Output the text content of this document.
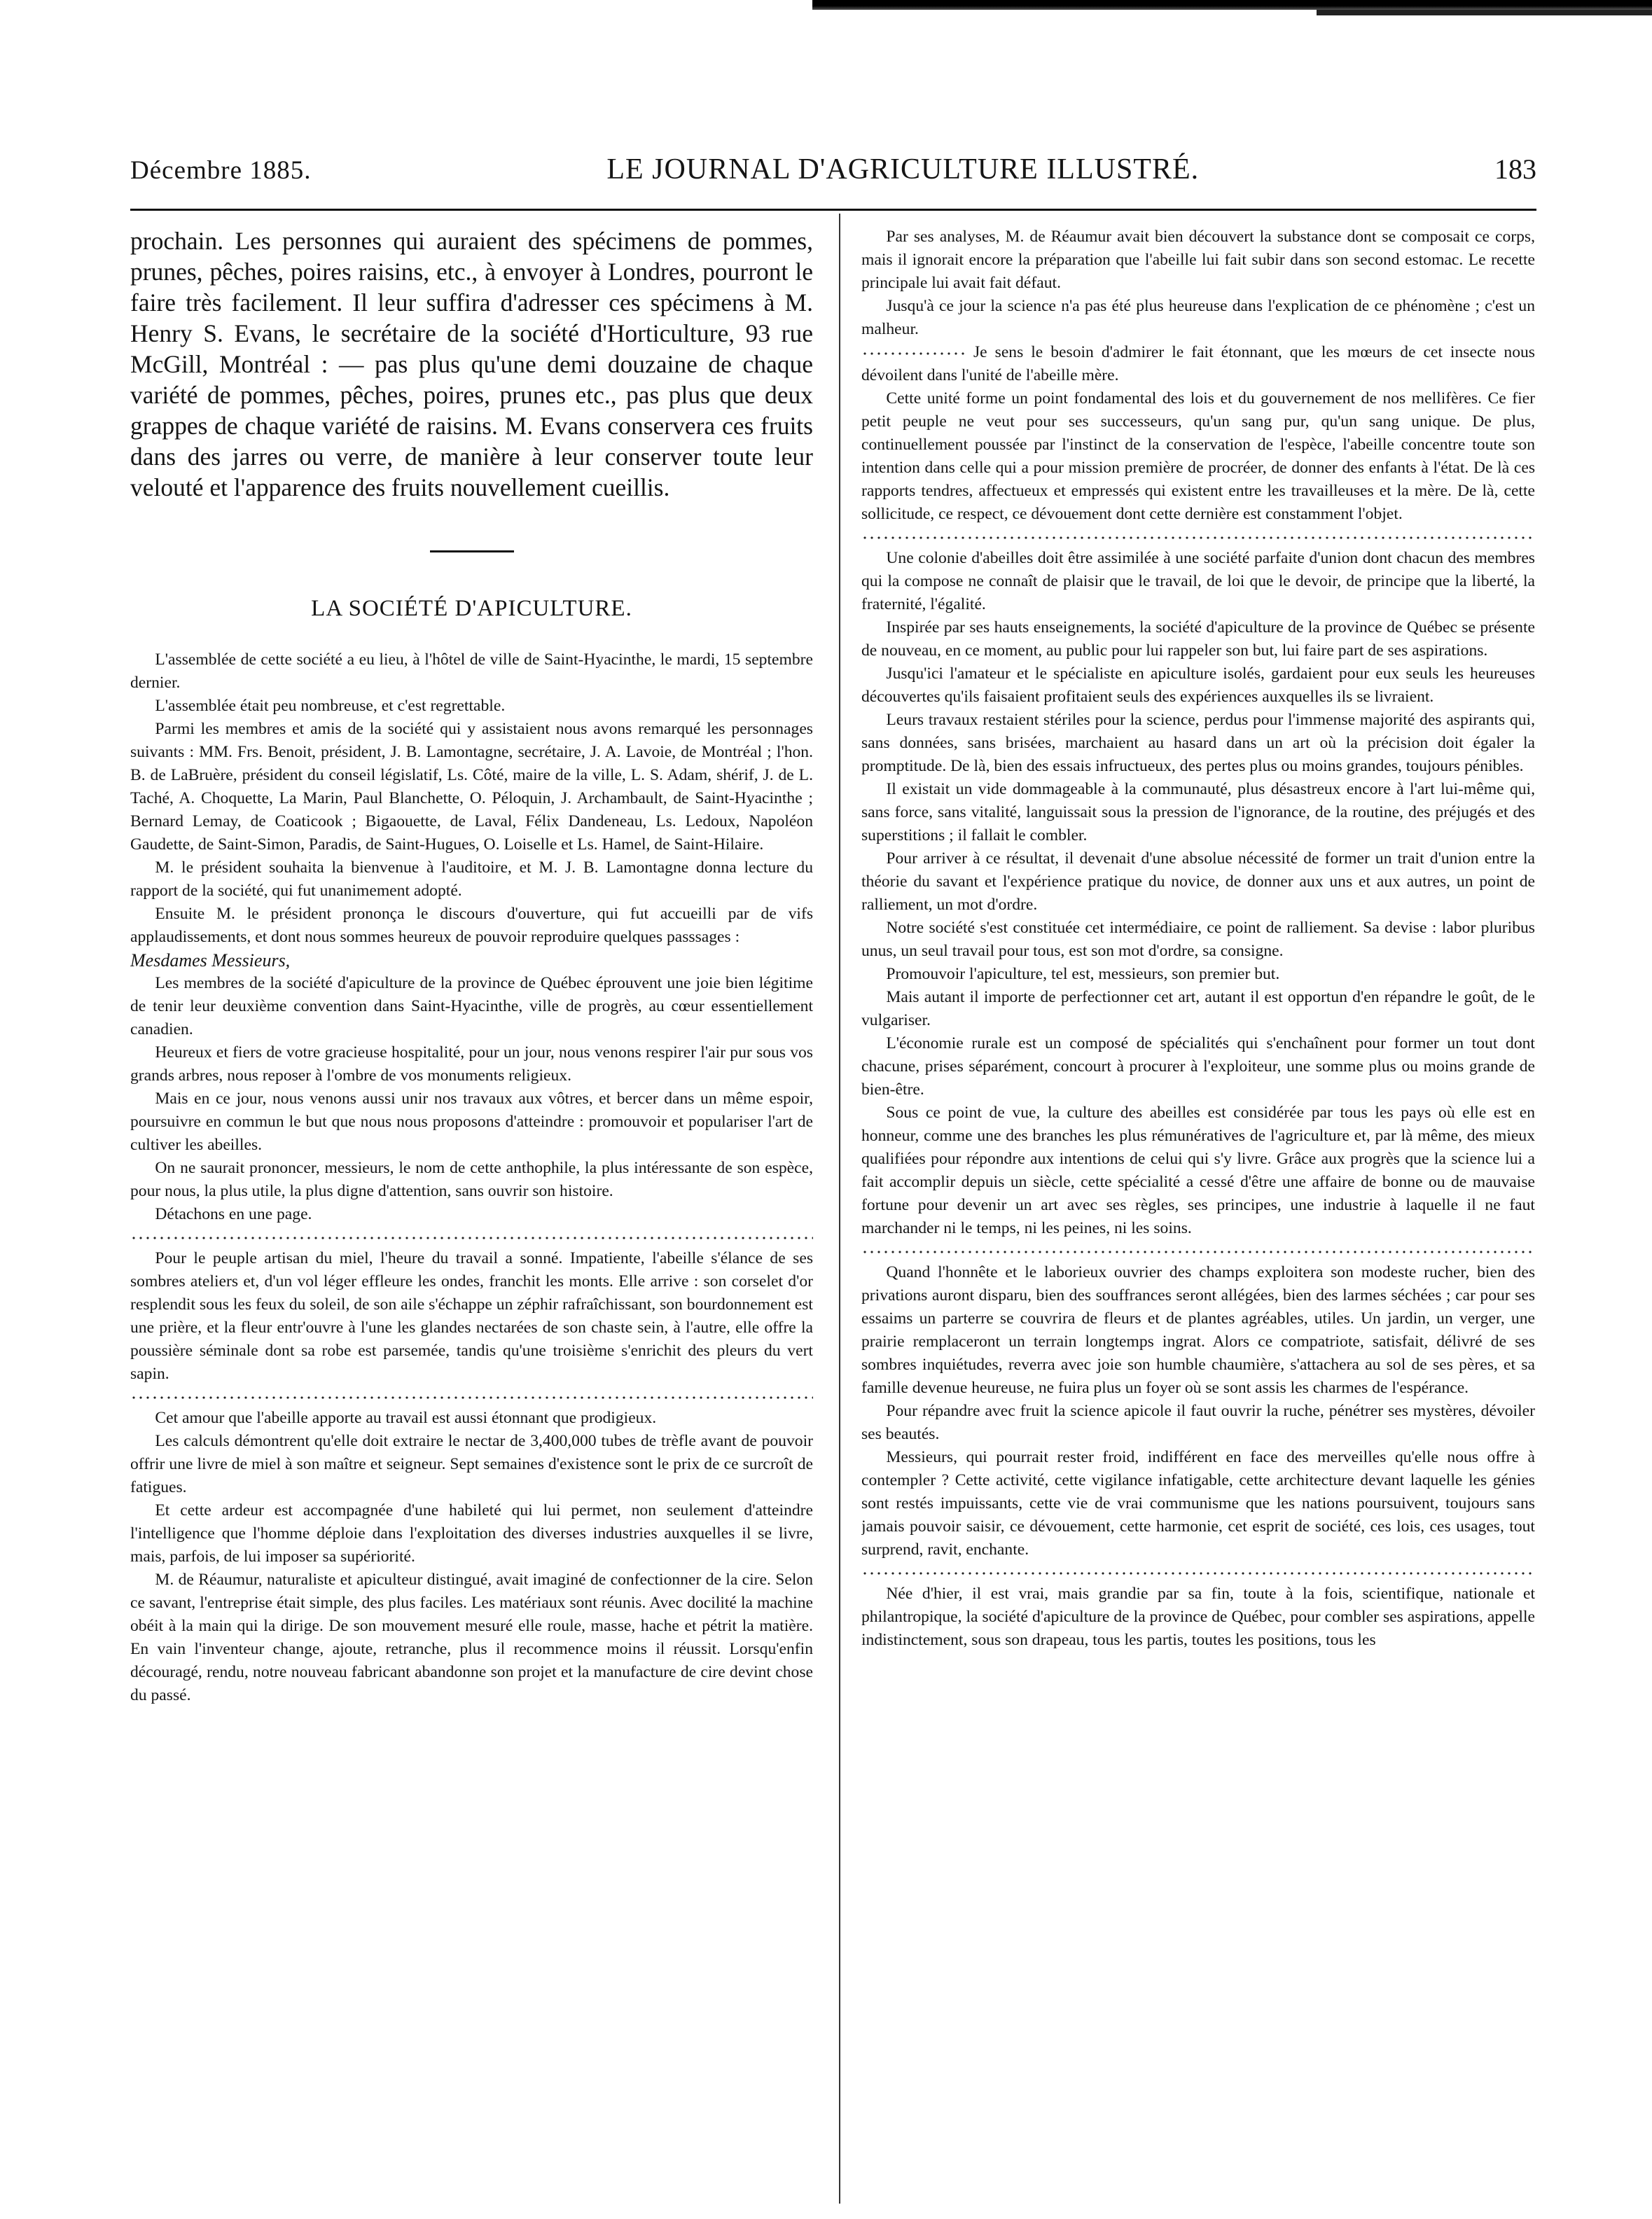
Décembre 1885.	LE JOURNAL D'AGRICULTURE ILLUSTRÉ.	183

prochain. Les personnes qui auraient des spécimens de pommes, prunes, pêches, poires raisins, etc., à envoyer à Londres, pourront le faire très facilement. Il leur suffira d'adresser ces spécimens à M. Henry S. Evans, le secrétaire de la société d'Horticulture, 93 rue McGill, Montréal : — pas plus qu'une demi douzaine de chaque variété de pommes, pêches, poires, prunes etc., pas plus que deux grappes de chaque variété de raisins. M. Evans conservera ces fruits dans des jarres ou verre, de manière à leur conserver toute leur velouté et l'apparence des fruits nouvellement cueillis.

LA SOCIÉTÉ D'APICULTURE.

L'assemblée de cette société a eu lieu, à l'hôtel de ville de Saint-Hyacinthe, le mardi, 15 septembre dernier.

L'assemblée était peu nombreuse, et c'est regrettable.

Parmi les membres et amis de la société qui y assistaient nous avons remarqué les personnages suivants : MM. Frs. Benoit, président, J. B. Lamontagne, secrétaire, J. A. Lavoie, de Montréal ; l'hon. B. de LaBruère, président du conseil législatif, Ls. Côté, maire de la ville, L. S. Adam, shérif, J. de L. Taché, A. Choquette, La Marin, Paul Blanchette, O. Péloquin, J. Archambault, de Saint-Hyacinthe ; Bernard Lemay, de Coaticook ; Bigaouette, de Laval, Félix Dandeneau, Ls. Ledoux, Napoléon Gaudette, de Saint-Simon, Paradis, de Saint-Hugues, O. Loiselle et Ls. Hamel, de Saint-Hilaire.

M. le président souhaita la bienvenue à l'auditoire, et M. J. B. Lamontagne donna lecture du rapport de la société, qui fut unanimement adopté.

Ensuite M. le président prononça le discours d'ouverture, qui fut accueilli par de vifs applaudissements, et dont nous sommes heureux de pouvoir reproduire quelques passsages :

Mesdames Messieurs,

Les membres de la société d'apiculture de la province de Québec éprouvent une joie bien légitime de tenir leur deuxième convention dans Saint-Hyacinthe, ville de progrès, au cœur essentiellement canadien.

Heureux et fiers de votre gracieuse hospitalité, pour un jour, nous venons respirer l'air pur sous vos grands arbres, nous reposer à l'ombre de vos monuments religieux.

Mais en ce jour, nous venons aussi unir nos travaux aux vôtres, et bercer dans un même espoir, poursuivre en commun le but que nous nous proposons d'atteindre : promouvoir et populariser l'art de cultiver les abeilles.

On ne saurait prononcer, messieurs, le nom de cette anthophile, la plus intéressante de son espèce, pour nous, la plus utile, la plus digne d'attention, sans ouvrir son histoire.

Détachons en une page.

Pour le peuple artisan du miel, l'heure du travail a sonné. Impatiente, l'abeille s'élance de ses sombres ateliers et, d'un vol léger effleure les ondes, franchit les monts. Elle arrive : son corselet d'or resplendit sous les feux du soleil, de son aile s'échappe un zéphir rafraîchissant, son bourdonnement est une prière, et la fleur entr'ouvre à l'une les glandes nectarées de son chaste sein, à l'autre, elle offre la poussière séminale dont sa robe est parsemée, tandis qu'une troisième s'enrichit des pleurs du vert sapin.

Cet amour que l'abeille apporte au travail est aussi étonnant que prodigieux.

Les calculs démontrent qu'elle doit extraire le nectar de 3,400,000 tubes de trèfle avant de pouvoir offrir une livre de miel à son maître et seigneur. Sept semaines d'existence sont le prix de ce surcroît de fatigues.

Et cette ardeur est accompagnée d'une habileté qui lui permet, non seulement d'atteindre l'intelligence que l'homme déploie dans l'exploitation des diverses industries auxquelles il se livre, mais, parfois, de lui imposer sa supériorité.

M. de Réaumur, naturaliste et apiculteur distingué, avait imaginé de confectionner de la cire. Selon ce savant, l'entreprise était simple, des plus faciles. Les matériaux sont réunis. Avec docilité la machine obéit à la main qui la dirige. De son mouvement mesuré elle roule, masse, hache et pétrit la matière. En vain l'inventeur change, ajoute, retranche, plus il recommence moins il réussit. Lorsqu'enfin découragé, rendu, notre nouveau fabricant abandonne son projet et la manufacture de cire devint chose du passé.

Par ses analyses, M. de Réaumur avait bien découvert la substance dont se composait ce corps, mais il ignorait encore la préparation que l'abeille lui fait subir dans son second estomac. Le recette principale lui avait fait défaut.

Jusqu'à ce jour la science n'a pas été plus heureuse dans l'explication de ce phénomène ; c'est un malheur.

Je sens le besoin d'admirer le fait étonnant, que les mœurs de cet insecte nous dévoilent dans l'unité de l'abeille mère.

Cette unité forme un point fondamental des lois et du gouvernement de nos mellifères. Ce fier petit peuple ne veut pour ses successeurs, qu'un sang pur, qu'un sang unique. De plus, continuellement poussée par l'instinct de la conservation de l'espèce, l'abeille concentre toute son intention dans celle qui a pour mission première de procréer, de donner des enfants à l'état. De là ces rapports tendres, affectueux et empressés qui existent entre les travailleuses et la mère. De là, cette sollicitude, ce respect, ce dévouement dont cette dernière est constamment l'objet.

Une colonie d'abeilles doit être assimilée à une société parfaite d'union dont chacun des membres qui la compose ne connaît de plaisir que le travail, de loi que le devoir, de principe que la liberté, la fraternité, l'égalité.

Inspirée par ses hauts enseignements, la société d'apiculture de la province de Québec se présente de nouveau, en ce moment, au public pour lui rappeler son but, lui faire part de ses aspirations.

Jusqu'ici l'amateur et le spécialiste en apiculture isolés, gardaient pour eux seuls les heureuses découvertes qu'ils faisaient profitaient seuls des expériences auxquelles ils se livraient.

Leurs travaux restaient stériles pour la science, perdus pour l'immense majorité des aspirants qui, sans données, sans brisées, marchaient au hasard dans un art où la précision doit égaler la promptitude. De là, bien des essais infructueux, des pertes plus ou moins grandes, toujours pénibles.

Il existait un vide dommageable à la communauté, plus désastreux encore à l'art lui-même qui, sans force, sans vitalité, languissait sous la pression de l'ignorance, de la routine, des préjugés et des superstitions ; il fallait le combler.

Pour arriver à ce résultat, il devenait d'une absolue nécessité de former un trait d'union entre la théorie du savant et l'expérience pratique du novice, de donner aux uns et aux autres, un point de ralliement, un mot d'ordre.

Notre société s'est constituée cet intermédiaire, ce point de ralliement. Sa devise : labor pluribus unus, un seul travail pour tous, est son mot d'ordre, sa consigne.

Promouvoir l'apiculture, tel est, messieurs, son premier but.

Mais autant il importe de perfectionner cet art, autant il est opportun d'en répandre le goût, de le vulgariser.

L'économie rurale est un composé de spécialités qui s'enchaînent pour former un tout dont chacune, prises séparément, concourt à procurer à l'exploiteur, une somme plus ou moins grande de bien-être.

Sous ce point de vue, la culture des abeilles est considérée par tous les pays où elle est en honneur, comme une des branches les plus rémunératives de l'agriculture et, par là même, des mieux qualifiées pour répondre aux intentions de celui qui s'y livre. Grâce aux progrès que la science lui a fait accomplir depuis un siècle, cette spécialité a cessé d'être une affaire de bonne ou de mauvaise fortune pour devenir un art avec ses règles, ses principes, une industrie à laquelle il ne faut marchander ni le temps, ni les peines, ni les soins.

Quand l'honnête et le laborieux ouvrier des champs exploitera son modeste rucher, bien des privations auront disparu, bien des souffrances seront allégées, bien des larmes séchées ; car pour ses essaims un parterre se couvrira de fleurs et de plantes agréables, utiles. Un jardin, un verger, une prairie remplaceront un terrain longtemps ingrat. Alors ce compatriote, satisfait, délivré de ses sombres inquiétudes, reverra avec joie son humble chaumière, s'attachera au sol de ses pères, et sa famille devenue heureuse, ne fuira plus un foyer où se sont assis les charmes de l'espérance.

Pour répandre avec fruit la science apicole il faut ouvrir la ruche, pénétrer ses mystères, dévoiler ses beautés.

Messieurs, qui pourrait rester froid, indifférent en face des merveilles qu'elle nous offre à contempler ? Cette activité, cette vigilance infatigable, cette architecture devant laquelle les génies sont restés impuissants, cette vie de vrai communisme que les nations poursuivent, toujours sans jamais pouvoir saisir, ce dévouement, cette harmonie, cet esprit de société, ces lois, ces usages, tout surprend, ravit, enchante.

Née d'hier, il est vrai, mais grandie par sa fin, toute à la fois, scientifique, nationale et philantropique, la société d'apiculture de la province de Québec, pour combler ses aspirations, appelle indistinctement, sous son drapeau, tous les partis, toutes les positions, tous les
